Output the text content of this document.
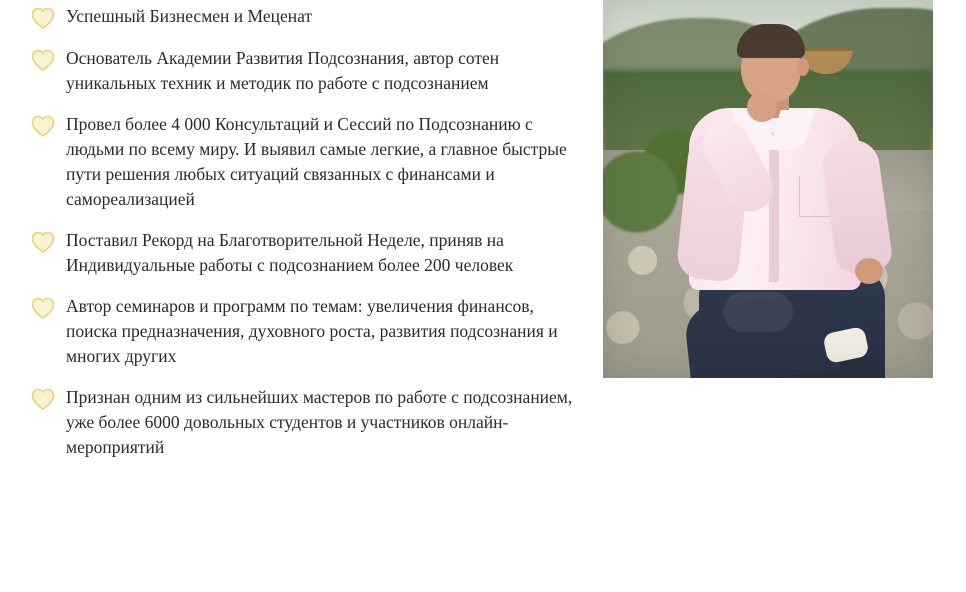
Успешный Бизнесмен и Меценат
Основатель Академии Развития Подсознания, автор сотен уникальных техник и методик по работе с подсознанием
Провел более 4 000 Консультаций и Сессий по Подсознанию с людьми по всему миру. И выявил самые легкие, а главное быстрые пути решения любых ситуаций связанных с финансами и самореализацией
Поставил Рекорд на Благотворительной Неделе, приняв на Индивидуальные работы с подсознанием более 200 человек
Автор семинаров и программ по темам: увеличения финансов, поиска предназначения, духовного роста, развития подсознания и многих других
Признан одним из сильнейших мастеров по работе с подсознанием, уже более 6000 довольных студентов и участников онлайн-мероприятий
